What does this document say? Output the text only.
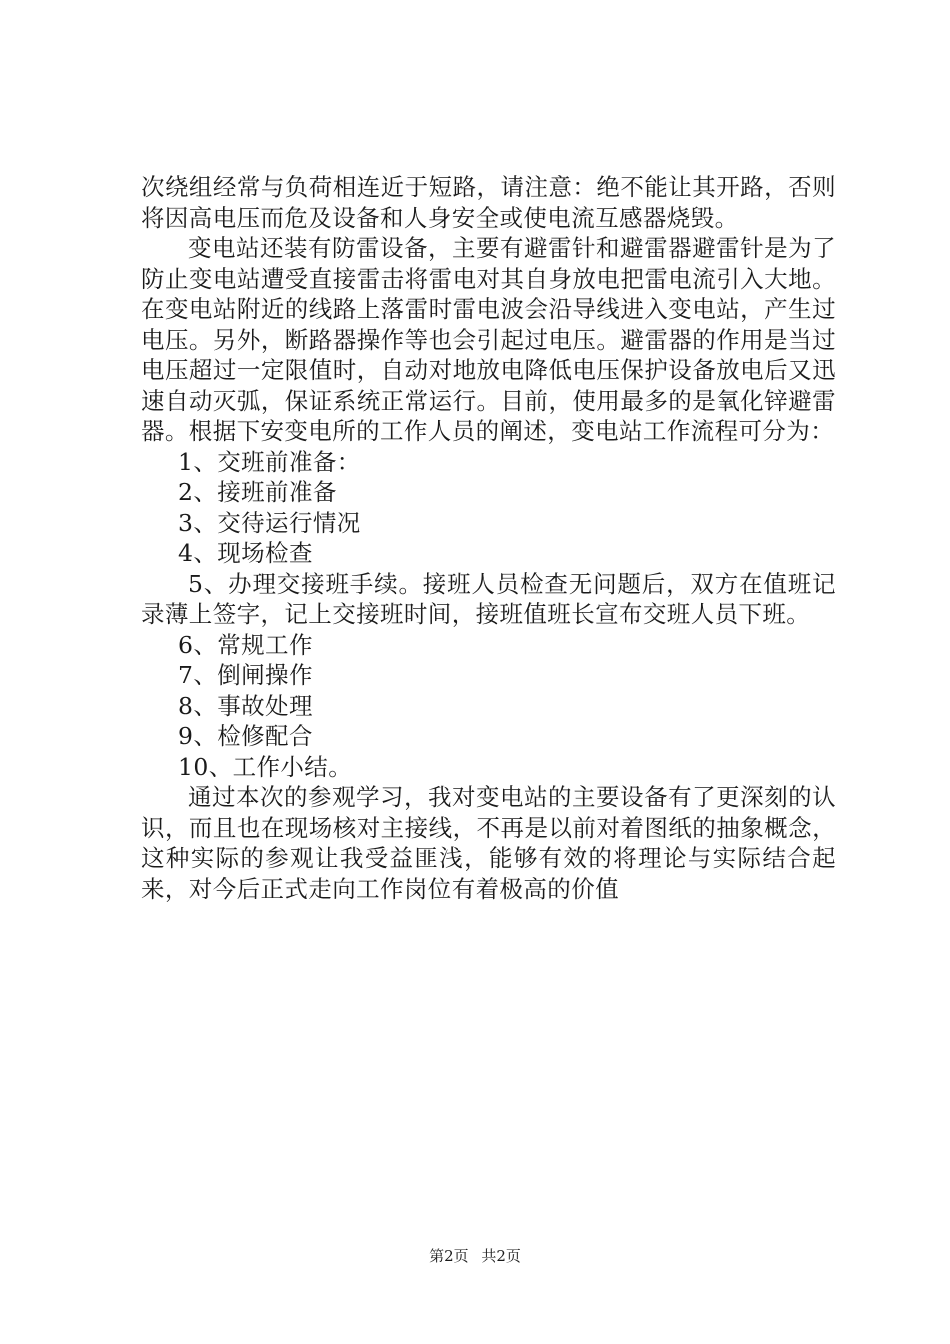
次绕组经常与负荷相连近于短路，请注意：绝不能让其开路，否则将因高电压而危及设备和人身安全或使电流互感器烧毁。

变电站还装有防雷设备，主要有避雷针和避雷器避雷针是为了防止变电站遭受直接雷击将雷电对其自身放电把雷电流引入大地。在变电站附近的线路上落雷时雷电波会沿导线进入变电站，产生过电压。另外，断路器操作等也会引起过电压。避雷器的作用是当过电压超过一定限值时，自动对地放电降低电压保护设备放电后又迅速自动灭弧，保证系统正常运行。目前，使用最多的是氧化锌避雷器。根据下安变电所的工作人员的阐述，变电站工作流程可分为：

1、交班前准备：

2、接班前准备

3、交待运行情况

4、现场检查

5、办理交接班手续。接班人员检查无问题后，双方在值班记录薄上签字，记上交接班时间，接班值班长宣布交班人员下班。

6、常规工作

7、倒闸操作

8、事故处理

9、检修配合

10、工作小结。

通过本次的参观学习，我对变电站的主要设备有了更深刻的认识，而且也在现场核对主接线，不再是以前对着图纸的抽象概念，这种实际的参观让我受益匪浅，能够有效的将理论与实际结合起来，对今后正式走向工作岗位有着极高的价值

第2页 共2页
